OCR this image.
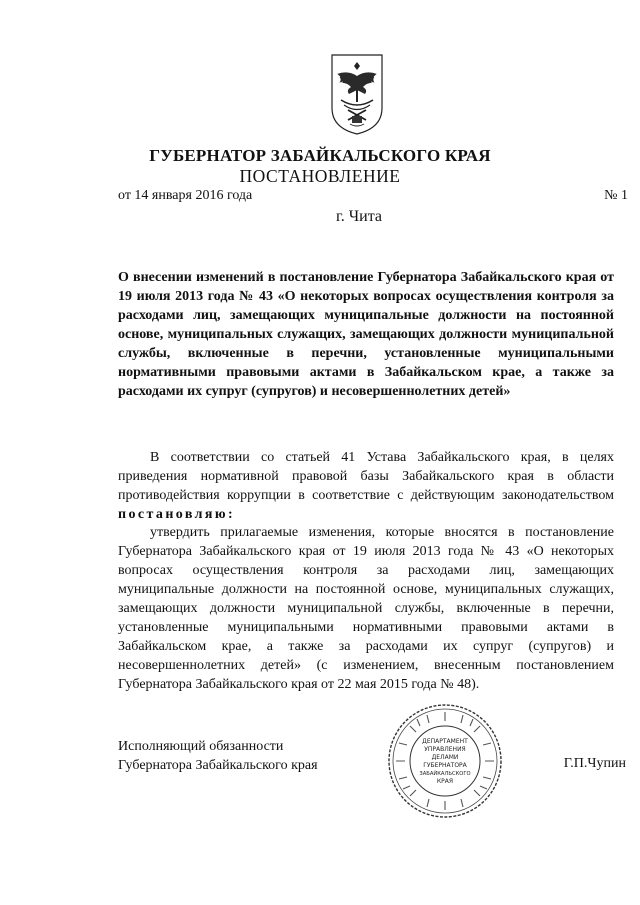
ГУБЕРНАТОР ЗАБАЙКАЛЬСКОГО КРАЯ
ПОСТАНОВЛЕНИЕ
от 14 января 2016 года	№ 1
г. Чита

О внесении изменений в постановление Губернатора Забайкальского края от 19 июля 2013 года № 43 «О некоторых вопросах осуществления контроля за расходами лиц, замещающих муниципальные должности на постоянной основе, муниципальных служащих, замещающих должности муниципальной службы, включенные в перечни, установленные муниципальными нормативными правовыми актами в Забайкальском крае, а также за расходами их супруг (супругов) и несовершеннолетних детей»

В соответствии со статьей 41 Устава Забайкальского края, в целях приведения нормативной правовой базы Забайкальского края в области противодействия коррупции в соответствие с действующим законодательством постановляю:

утвердить прилагаемые изменения, которые вносятся в постановление Губернатора Забайкальского края от 19 июля 2013 года № 43 «О некоторых вопросах осуществления контроля за расходами лиц, замещающих муниципальные должности на постоянной основе, муниципальных служащих, замещающих должности муниципальной службы, включенные в перечни, установленные муниципальными нормативными правовыми актами в Забайкальском крае, а также за расходами их супруг (супругов) и несовершеннолетних детей» (с изменением, внесенным постановлением Губернатора Забайкальского края от 22 мая 2015 года № 48).

Исполняющий обязанности
Губернатора Забайкальского края	Г.П.Чупин
ДЕПАРТАМЕНТ
УПРАВЛЕНИЯ
ДЕЛАМИ
ГУБЕРНАТОРА
ЗАБАЙКАЛЬСКОГО
КРАЯ
